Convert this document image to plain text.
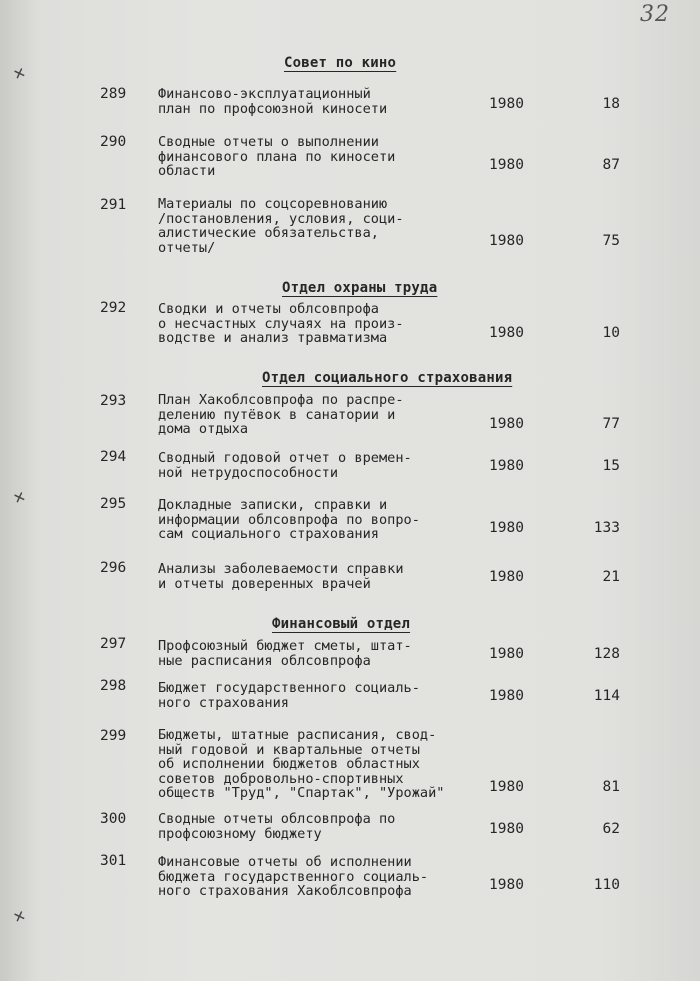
32
Совет по кино
Отдел охраны труда
Отдел социального страхования
Финансовый отдел
289	Финансово-эксплуатационный
план по профсоюзной киносети	1980	18
290	Сводные отчеты о выполнении
финансового плана по киносети
области	1980	87
291	Материалы по соцсоревнованию
/постановления, условия, соци-
алистические обязательства,
отчеты/	1980	75
292	Сводки и отчеты облсовпрофа
о несчастных случаях на произ-
водстве и анализ травматизма	1980	10
293	План Хакоблсовпрофа по распре-
делению путёвок в санатории и
дома отдыха	1980	77
294	Сводный годовой отчет о времен-
ной нетрудоспособности	1980	15
295	Докладные записки, справки и
информации облсовпрофа по вопро-
сам социального страхования	1980	133
296	Анализы заболеваемости справки
и отчеты доверенных врачей	1980	21
297	Профсоюзный бюджет сметы, штат-
ные расписания облсовпрофа	1980	128
298	Бюджет государственного социаль-
ного страхования	1980	114
299	Бюджеты, штатные расписания, свод-
ный годовой и квартальные отчеты
об исполнении бюджетов областных
советов добровольно-спортивных
обществ "Труд", "Спартак", "Урожай"	1980	81
300	Сводные отчеты облсовпрофа по
профсоюзному бюджету	1980	62
301	Финансовые отчеты об исполнении
бюджета государственного социаль-
ного страхования Хакоблсовпрофа	1980	110
✕
✕
✕
